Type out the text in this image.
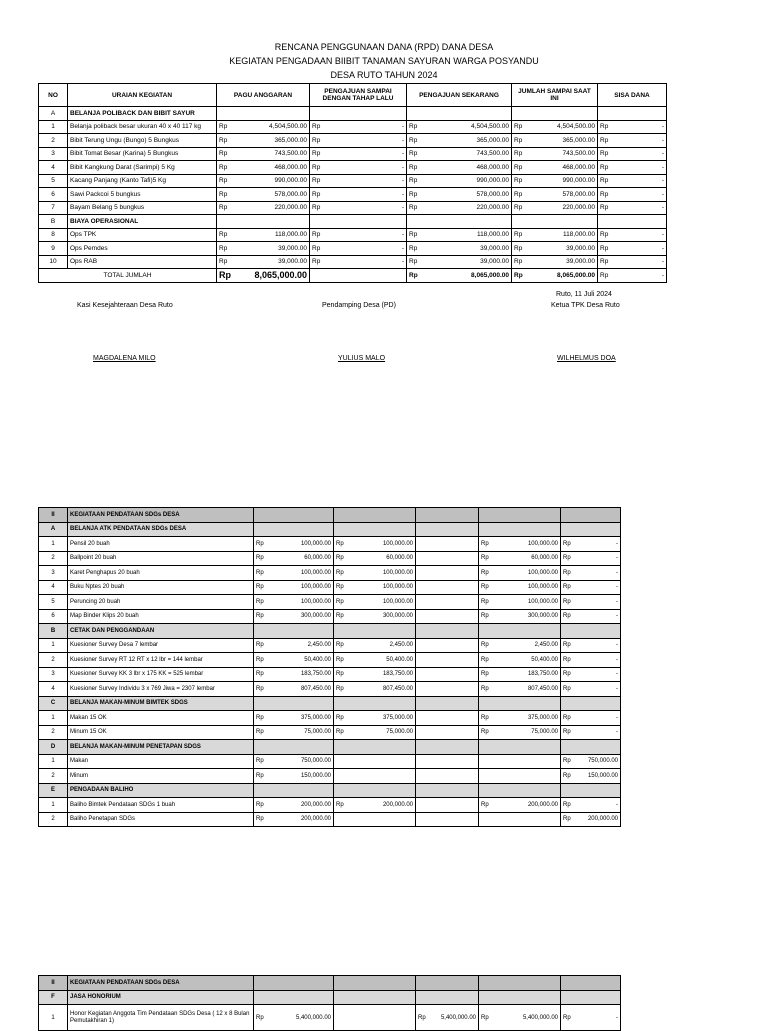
RENCANA PENGGUNAAN DANA (RPD) DANA DESA
KEGIATAN PENGADAAN BIIBIT TANAMAN SAYURAN WARGA POSYANDU
DESA RUTO TAHUN 2024
NO	URAIAN KEGIATAN	PAGU ANGGARAN	PENGAJUAN SAMPAI DENGAN TAHAP LALU	PENGAJUAN SEKARANG	JUMLAH SAMPAI SAAT INI	SISA DANA
A	BELANJA POLIBACK DAN BIBIT SAYUR					
1	Belanja poliback besar ukuran 40 x 40 117 kg	Rp 4,504,500.00	Rp -	Rp 4,504,500.00	Rp 4,504,500.00	Rp -

2	Bibit Terung Ungu (Bungo) 5 Bungkus	Rp 365,000.00	Rp -	Rp 365,000.00	Rp 365,000.00	Rp -

3	Bibit Tomat Besar (Karina) 5 Bungkus	Rp 743,500.00	Rp -	Rp 743,500.00	Rp 743,500.00	Rp -

4	Bibit Kangkung Darat (Sarimpi) 5 Kg	Rp 468,000.00	Rp -	Rp 468,000.00	Rp 468,000.00	Rp -

5	Kacang Panjang (Kanto Tafi)5 Kg	Rp 990,000.00	Rp -	Rp 990,000.00	Rp 990,000.00	Rp -

6	Sawi Packcoi 5 bungkus	Rp 578,000.00	Rp -	Rp 578,000.00	Rp 578,000.00	Rp -

7	Bayam Belang 5 bungkus	Rp 220,000.00	Rp -	Rp 220,000.00	Rp 220,000.00	Rp -

B	BIAYA OPERASIONAL					
8	Ops TPK	Rp 118,000.00	Rp -	Rp 118,000.00	Rp 118,000.00	Rp -

9	Ops Pemdes	Rp 39,000.00	Rp -	Rp 39,000.00	Rp 39,000.00	Rp -

10	Ops RAB	Rp 39,000.00	Rp -	Rp 39,000.00	Rp 39,000.00	Rp -

TOTAL JUMLAH		Rp 8,065,000.00		Rp 8,065,000.00	Rp 8,065,000.00	Rp -
Ruto, 11 Juli 2024
Kasi Kesejahteraan Desa Ruto	Pendamping Desa (PD)	Ketua TPK Desa Ruto
MAGDALENA MILO	YULIUS MALO	WILHELMUS DOA
II	KEGIATAAN PENDATAAN SDGs DESA					
A	BELANJA ATK PENDATAAN SDGs DESA					
1	Pensil 20 buah	Rp 100,000.00	Rp 100,000.00		Rp 100,000.00	Rp -

2	Ballpoint 20 buah	Rp 60,000.00	Rp 60,000.00		Rp 60,000.00	Rp -

3	Karet Penghapus 20 buah	Rp 100,000.00	Rp 100,000.00		Rp 100,000.00	Rp -

4	Buku Nptes 20 buah	Rp 100,000.00	Rp 100,000.00		Rp 100,000.00	Rp -

5	Peruncing 20 buah	Rp 100,000.00	Rp 100,000.00		Rp 100,000.00	Rp -

6	Map Binder Klips 20 buah	Rp 300,000.00	Rp 300,000.00		Rp 300,000.00	Rp -

B	CETAK DAN PENGGANDAAN					
1	Kuesioner Survey Desa 7 lembar	Rp 2,450.00	Rp 2,450.00		Rp 2,450.00	Rp -

2	Kuesioner Survey RT 12 RT x 12 lbr = 144 lembar	Rp 50,400.00	Rp 50,400.00		Rp 50,400.00	Rp -

3	Kuesioner Survey KK 3 lbr x 175 KK = 525 lembar	Rp 183,750.00	Rp 183,750.00		Rp 183,750.00	Rp -

4	Kuesioner Survey Individu 3 x 769 Jiwa = 2307 lembar	Rp 807,450.00	Rp 807,450.00		Rp 807,450.00	Rp -

C	BELANJA MAKAN-MINUM BIMTEK SDGS					
1	Makan 15 OK	Rp 375,000.00	Rp 375,000.00		Rp 375,000.00	Rp -

2	Minum 15 OK	Rp 75,000.00	Rp 75,000.00		Rp 75,000.00	Rp -

D	BELANJA MAKAN-MINUM PENETAPAN SDGS					
1	Makan	Rp 750,000.00				Rp 750,000.00

2	Minum	Rp 150,000.00				Rp 150,000.00

E	PENGADAAN BALIHO					
1	Baliho Bimtek Pendataan SDGs 1 buah	Rp 200,000.00	Rp 200,000.00		Rp 200,000.00	Rp -

2	Baliho Penetapan SDGs	Rp 200,000.00				Rp 200,000.00
II	KEGIATAAN PENDATAAN SDGs DESA					
F	JASA HONORIUM					
1	Honor Kegiatan Anggota Tim Pendataan SDGs Desa ( 12 x 8 Bulan Pemutakhiran 1)	Rp 5,400,000.00		Rp 5,400,000.00	Rp 5,400,000.00	Rp -
